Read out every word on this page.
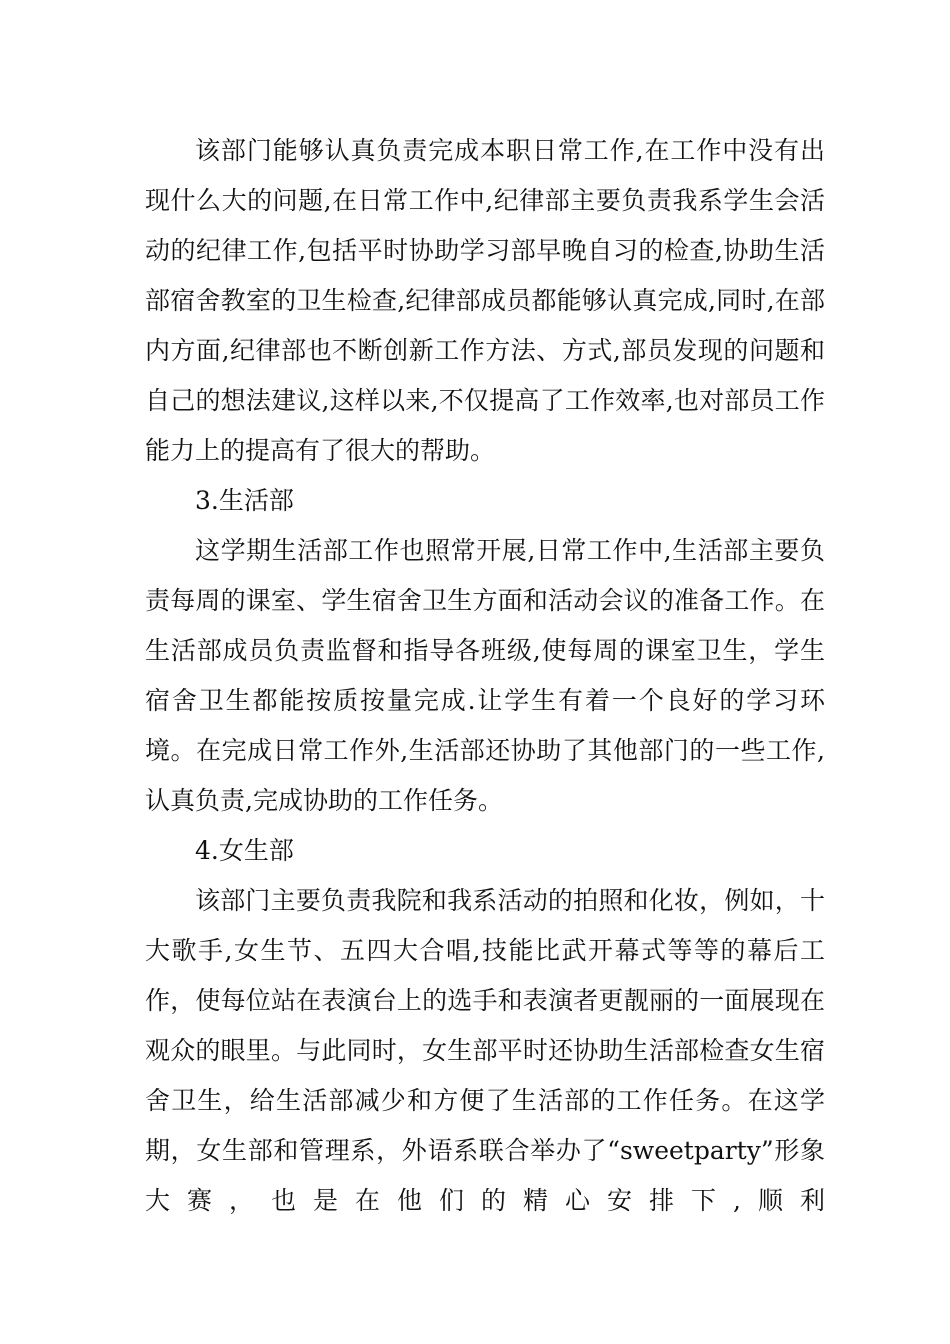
该部门能够认真负责完成本职日常工作,在工作中没有出现什么大的问题,在日常工作中,纪律部主要负责我系学生会活动的纪律工作,包括平时协助学习部早晚自习的检查,协助生活部宿舍教室的卫生检查,纪律部成员都能够认真完成,同时,在部内方面,纪律部也不断创新工作方法、方式,部员发现的问题和自己的想法建议,这样以来,不仅提高了工作效率,也对部员工作能力上的提高有了很大的帮助。

3.生活部

这学期生活部工作也照常开展,日常工作中,生活部主要负责每周的课室、学生宿舍卫生方面和活动会议的准备工作。在生活部成员负责监督和指导各班级,使每周的课室卫生，学生宿舍卫生都能按质按量完成.让学生有着一个良好的学习环境。在完成日常工作外,生活部还协助了其他部门的一些工作,认真负责,完成协助的工作任务。

4.女生部

该部门主要负责我院和我系活动的拍照和化妆，例如，十大歌手,女生节、五四大合唱,技能比武开幕式等等的幕后工作，使每位站在表演台上的选手和表演者更靓丽的一面展现在观众的眼里。与此同时，女生部平时还协助生活部检查女生宿舍卫生，给生活部减少和方便了生活部的工作任务。在这学期，女生部和管理系，外语系联合举办了“sweetparty”形象大赛，也是在他们的精心安排下,顺利
